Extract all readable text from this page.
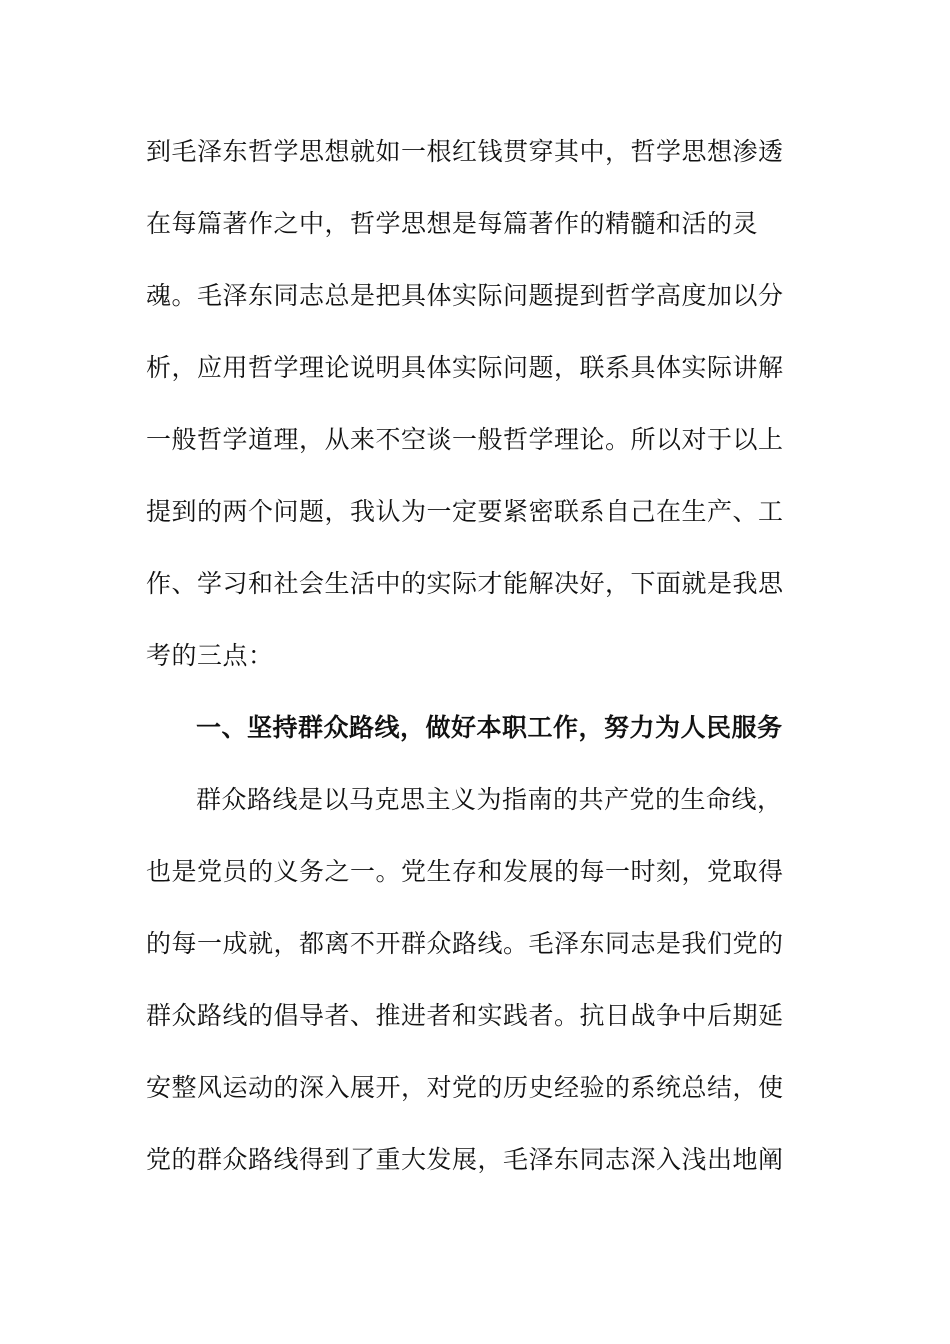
到毛泽东哲学思想就如一根红钱贯穿其中，哲学思想渗透
在每篇著作之中，哲学思想是每篇著作的精髓和活的灵
魂。毛泽东同志总是把具体实际问题提到哲学高度加以分
析，应用哲学理论说明具体实际问题，联系具体实际讲解
一般哲学道理，从来不空谈一般哲学理论。所以对于以上
提到的两个问题，我认为一定要紧密联系自己在生产、工
作、学习和社会生活中的实际才能解决好，下面就是我思
考的三点：
一、坚持群众路线，做好本职工作，努力为人民服务
群众路线是以马克思主义为指南的共产党的生命线，
也是党员的义务之一。党生存和发展的每一时刻，党取得
的每一成就，都离不开群众路线。毛泽东同志是我们党的
群众路线的倡导者、推进者和实践者。抗日战争中后期延
安整风运动的深入展开，对党的历史经验的系统总结，使
党的群众路线得到了重大发展，毛泽东同志深入浅出地阐
